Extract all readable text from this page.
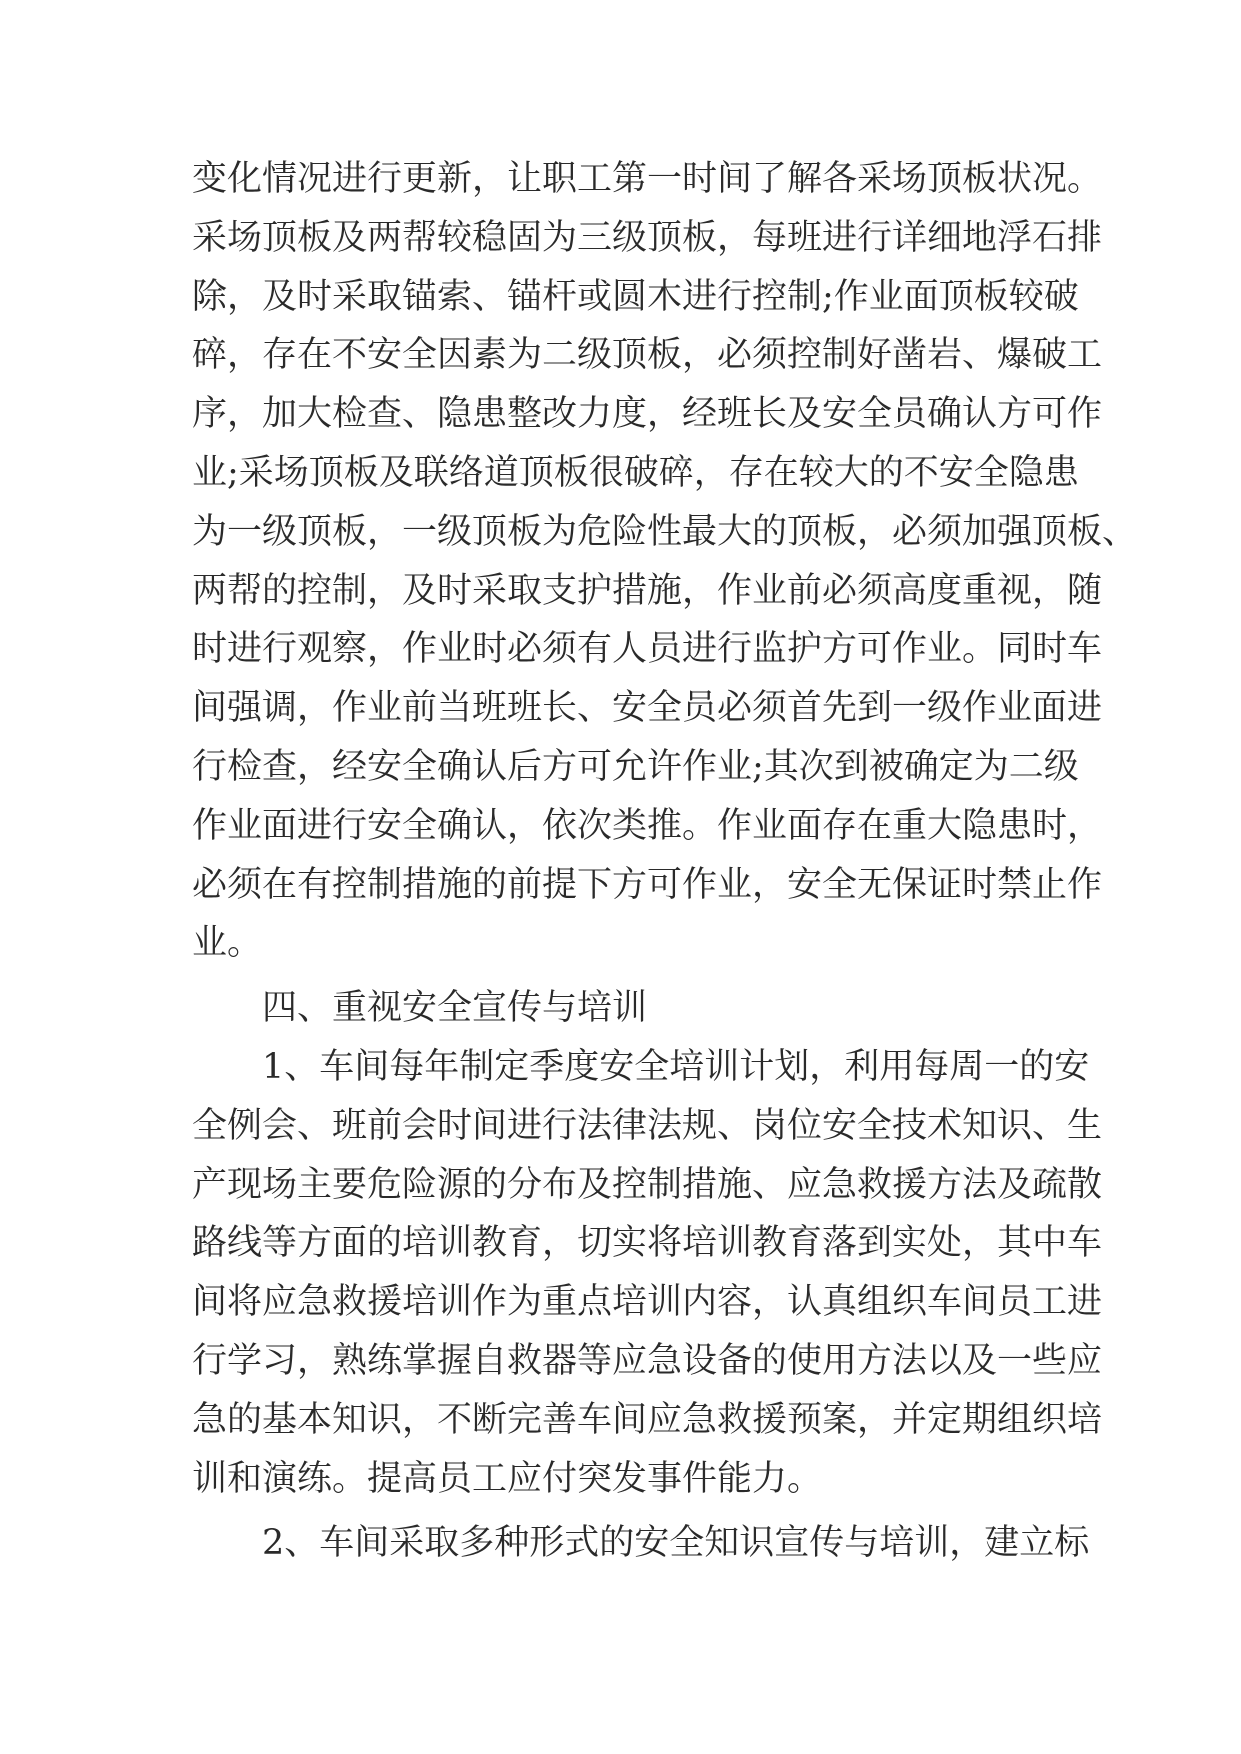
变化情况进行更新，让职工第一时间了解各采场顶板状况。
采场顶板及两帮较稳固为三级顶板，每班进行详细地浮石排
除，及时采取锚索、锚杆或圆木进行控制;作业面顶板较破
碎，存在不安全因素为二级顶板，必须控制好凿岩、爆破工
序，加大检查、隐患整改力度，经班长及安全员确认方可作
业;采场顶板及联络道顶板很破碎，存在较大的不安全隐患
为一级顶板，一级顶板为危险性最大的顶板，必须加强顶板、
两帮的控制，及时采取支护措施，作业前必须高度重视，随
时进行观察，作业时必须有人员进行监护方可作业。同时车
间强调，作业前当班班长、安全员必须首先到一级作业面进
行检查，经安全确认后方可允许作业;其次到被确定为二级
作业面进行安全确认，依次类推。作业面存在重大隐患时，
必须在有控制措施的前提下方可作业，安全无保证时禁止作
业。
四、重视安全宣传与培训
1、车间每年制定季度安全培训计划，利用每周一的安
全例会、班前会时间进行法律法规、岗位安全技术知识、生
产现场主要危险源的分布及控制措施、应急救援方法及疏散
路线等方面的培训教育，切实将培训教育落到实处，其中车
间将应急救援培训作为重点培训内容，认真组织车间员工进
行学习，熟练掌握自救器等应急设备的使用方法以及一些应
急的基本知识，不断完善车间应急救援预案，并定期组织培
训和演练。提高员工应付突发事件能力。
2、车间采取多种形式的安全知识宣传与培训，建立标
